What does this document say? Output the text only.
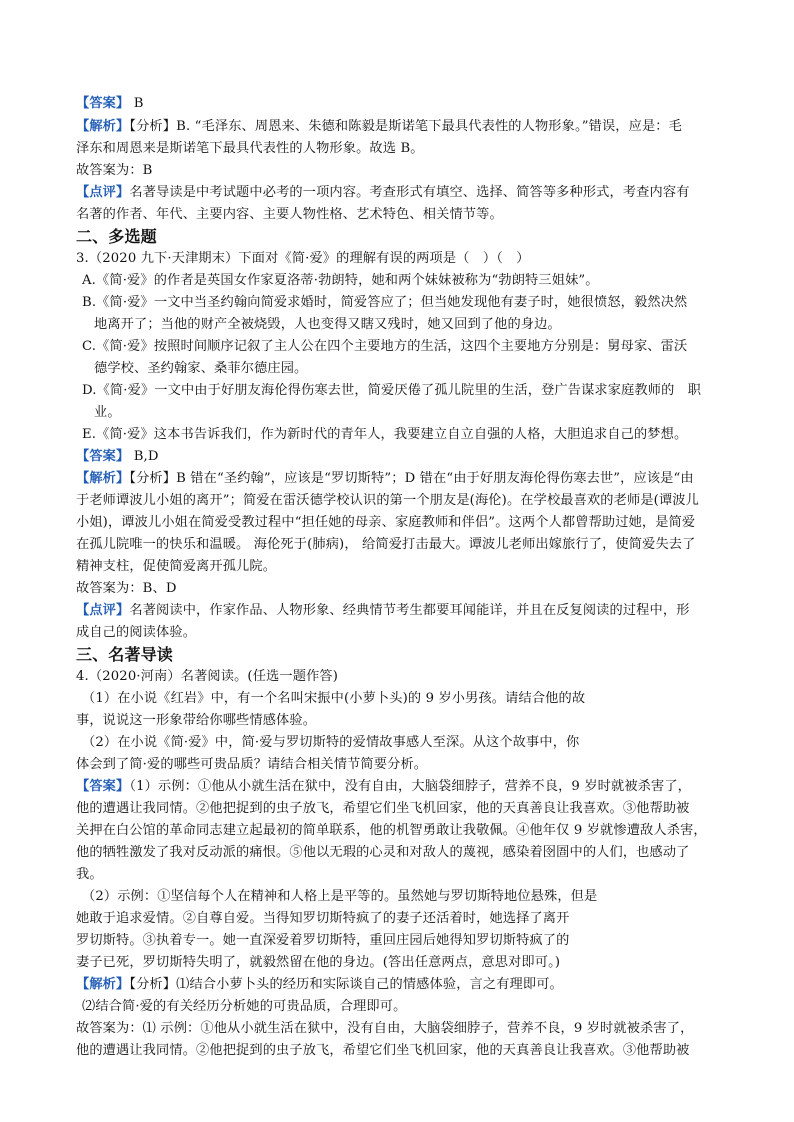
【答案】 B
【解析】【分析】B. “毛泽东、周恩来、朱德和陈毅是斯诺笔下最具代表性的人物形象。”错误，应是：毛
泽东和周恩来是斯诺笔下最具代表性的人物形象。故选 B。
故答案为：B
【点评】名著导读是中考试题中必考的一项内容。考查形式有填空、选择、简答等多种形式，考查内容有
名著的作者、年代、主要内容、主要人物性格、艺术特色、相关情节等。
二、多选题
3.（2020 九下·天津期末）下面对《简·爱》的理解有误的两项是（　）（　）
A.《简·爱》的作者是英国女作家夏洛蒂·勃朗特，她和两个妹妹被称为“勃朗特三姐妹”。
B.《简·爱》一文中当圣约翰向简爱求婚时，简爱答应了；但当她发现他有妻子时，她很愤怒，毅然决然
地离开了；当他的财产全被烧毁，人也变得又瞎又残时，她又回到了他的身边。
C.《简·爱》按照时间顺序记叙了主人公在四个主要地方的生活，这四个主要地方分别是：舅母家、雷沃
德学校、圣约翰家、桑菲尔德庄园。
D.《简·爱》一文中由于好朋友海伦得伤寒去世，简爱厌倦了孤儿院里的生活，登广告谋求家庭教师的　职
业。
E.《简·爱》这本书告诉我们，作为新时代的青年人，我要建立自立自强的人格，大胆追求自己的梦想。
【答案】 B,D
【解析】【分析】B 错在“圣约翰”，应该是“罗切斯特”；D 错在“由于好朋友海伦得伤寒去世”，应该是“由
于老师谭波儿小姐的离开”；简爱在雷沃德学校认识的第一个朋友是(海伦)。在学校最喜欢的老师是(谭波儿
小姐)，谭波儿小姐在简爱受教过程中“担任她的母亲、家庭教师和伴侣”。这两个人都曾帮助过她，是简爱
在孤儿院唯一的快乐和温暖。 海伦死于(肺病)， 给简爱打击最大。谭波儿老师出嫁旅行了，使简爱失去了
精神支柱，促使简爱离开孤儿院。
故答案为：B、D
【点评】名著阅读中，作家作品、人物形象、经典情节考生都要耳闻能详，并且在反复阅读的过程中，形
成自己的阅读体验。
三、名著导读
4.（2020·河南）名著阅读。(任选一题作答)
（1）在小说《红岩》中，有一个名叫宋振中(小萝卜头)的 9 岁小男孩。请结合他的故
事，说说这一形象带给你哪些情感体验。
（2）在小说《简·爱》中，简·爱与罗切斯特的爱情故事感人至深。从这个故事中，你
体会到了简·爱的哪些可贵品质？请结合相关情节简要分析。
【答案】（1）示例：①他从小就生活在狱中，没有自由，大脑袋细脖子，营养不良，9 岁时就被杀害了，
他的遭遇让我同情。②他把捉到的虫子放飞，希望它们坐飞机回家，他的天真善良让我喜欢。③他帮助被
关押在白公馆的革命同志建立起最初的简单联系，他的机智勇敢让我敬佩。④他年仅 9 岁就惨遭敌人杀害，
他的牺牲激发了我对反动派的痛恨。⑤他以无瑕的心灵和对敌人的蔑视，感染着囹圄中的人们，也感动了
我。
（2）示例：①坚信每个人在精神和人格上是平等的。虽然她与罗切斯特地位悬殊，但是
她敢于追求爱情。②自尊自爱。当得知罗切斯特疯了的妻子还活着时，她选择了离开
罗切斯特。③执着专一。她一直深爱着罗切斯特，重回庄园后她得知罗切斯特疯了的
妻子已死，罗切斯特失明了，就毅然留在他的身边。(答出任意两点，意思对即可。)
【解析】【分析】⑴结合小萝卜头的经历和实际谈自己的情感体验，言之有理即可。
⑵结合简·爱的有关经历分析她的可贵品质，合理即可。
故答案为：⑴ 示例：①他从小就生活在狱中，没有自由，大脑袋细脖子，营养不良，9 岁时就被杀害了，
他的遭遇让我同情。②他把捉到的虫子放飞，希望它们坐飞机回家，他的天真善良让我喜欢。③他帮助被
